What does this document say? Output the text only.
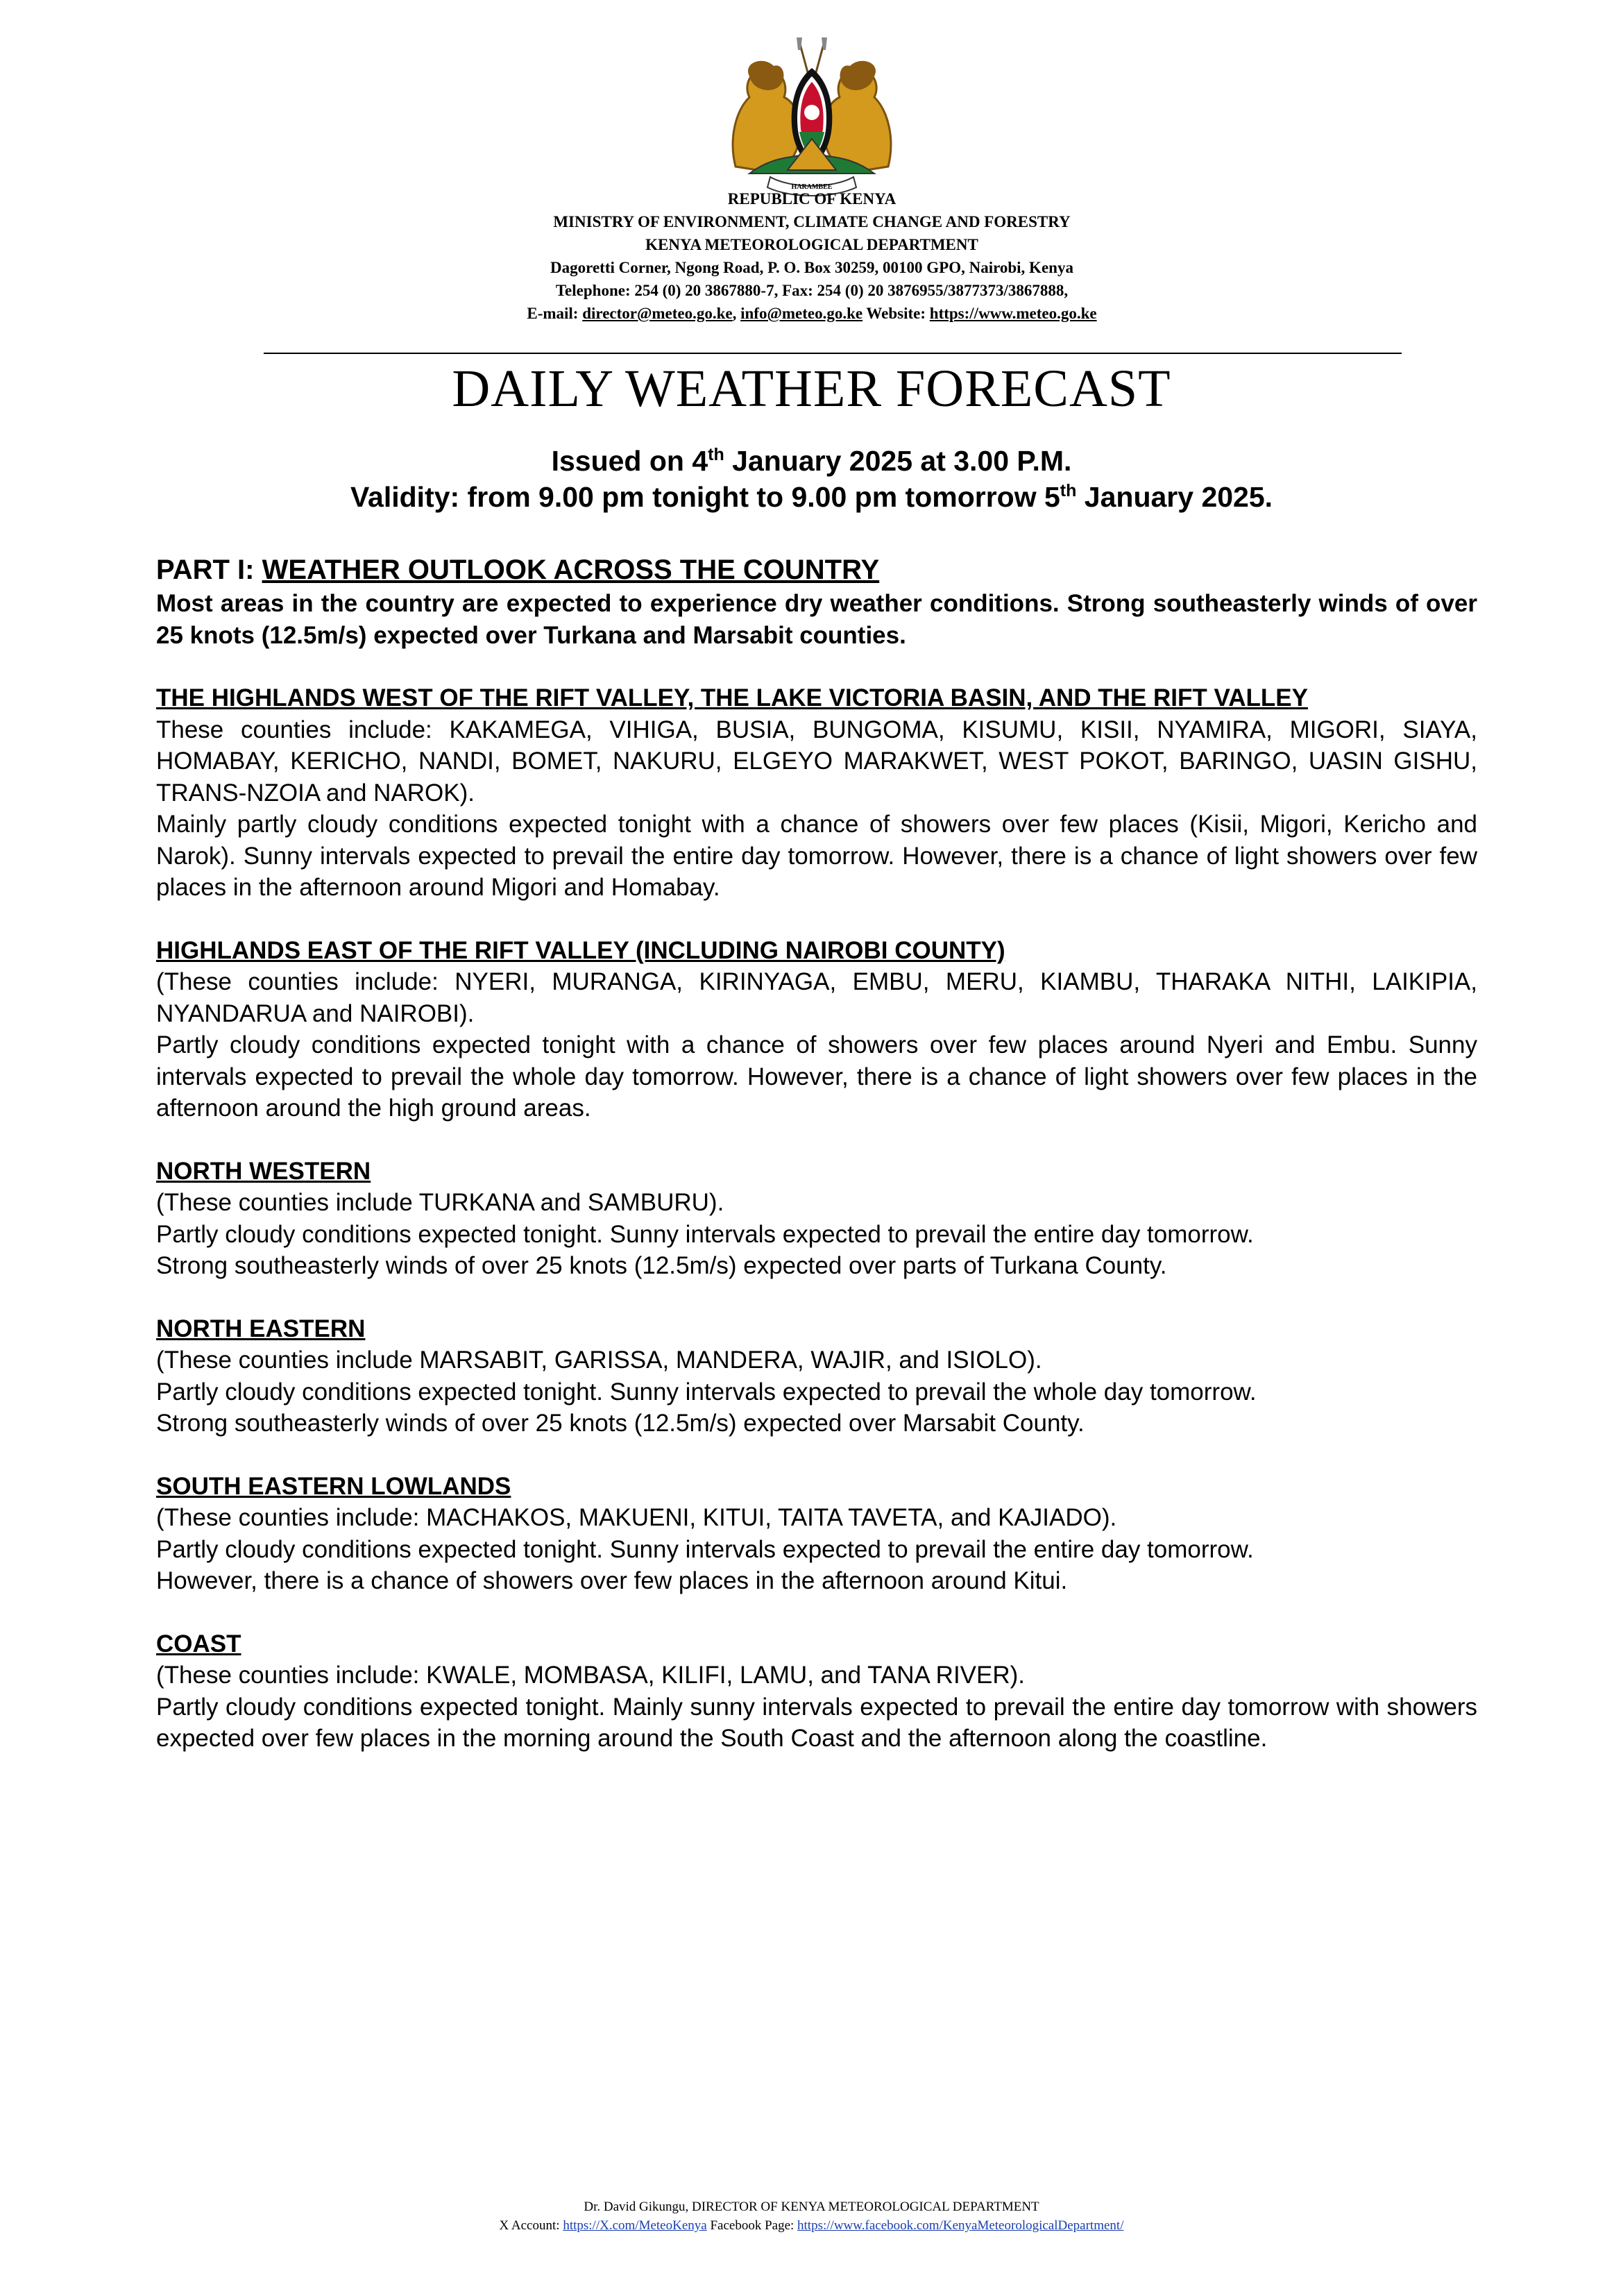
HARAMBEE
REPUBLIC OF KENYA
MINISTRY OF ENVIRONMENT, CLIMATE CHANGE AND FORESTRY
KENYA METEOROLOGICAL DEPARTMENT
Dagoretti Corner, Ngong Road, P. O. Box 30259, 00100 GPO, Nairobi, Kenya
Telephone: 254 (0) 20 3867880-7, Fax: 254 (0) 20 3876955/3877373/3867888,
E-mail: director@meteo.go.ke, info@meteo.go.ke Website: https://www.meteo.go.ke
DAILY WEATHER FORECAST
Issued on 4th January 2025 at 3.00 P.M.
Validity: from 9.00 pm tonight to 9.00 pm tomorrow 5th January 2025.

PART I: WEATHER OUTLOOK ACROSS THE COUNTRY

Most areas in the country are expected to experience dry weather conditions. Strong southeasterly winds of over 25 knots (12.5m/s) expected over Turkana and Marsabit counties.

THE HIGHLANDS WEST OF THE RIFT VALLEY, THE LAKE VICTORIA BASIN, AND THE RIFT VALLEY

These counties include: KAKAMEGA, VIHIGA, BUSIA, BUNGOMA, KISUMU, KISII, NYAMIRA, MIGORI, SIAYA, HOMABAY, KERICHO, NANDI, BOMET, NAKURU, ELGEYO MARAKWET, WEST POKOT, BARINGO, UASIN GISHU, TRANS-NZOIA and NAROK).

Mainly partly cloudy conditions expected tonight with a chance of showers over few places (Kisii, Migori, Kericho and Narok). Sunny intervals expected to prevail the entire day tomorrow. However, there is a chance of light showers over few places in the afternoon around Migori and Homabay.

HIGHLANDS EAST OF THE RIFT VALLEY (INCLUDING NAIROBI COUNTY)

(These counties include: NYERI, MURANGA, KIRINYAGA, EMBU, MERU, KIAMBU, THARAKA NITHI, LAIKIPIA, NYANDARUA and NAIROBI).

Partly cloudy conditions expected tonight with a chance of showers over few places around Nyeri and Embu. Sunny intervals expected to prevail the whole day tomorrow. However, there is a chance of light showers over few places in the afternoon around the high ground areas.

NORTH WESTERN

(These counties include TURKANA and SAMBURU).

Partly cloudy conditions expected tonight. Sunny intervals expected to prevail the entire day tomorrow.

Strong southeasterly winds of over 25 knots (12.5m/s) expected over parts of Turkana County.

NORTH EASTERN

(These counties include MARSABIT, GARISSA, MANDERA, WAJIR, and ISIOLO).

Partly cloudy conditions expected tonight. Sunny intervals expected to prevail the whole day tomorrow.

Strong southeasterly winds of over 25 knots (12.5m/s) expected over Marsabit County.

SOUTH EASTERN LOWLANDS

(These counties include: MACHAKOS, MAKUENI, KITUI, TAITA TAVETA, and KAJIADO).

Partly cloudy conditions expected tonight. Sunny intervals expected to prevail the entire day tomorrow.

However, there is a chance of showers over few places in the afternoon around Kitui.

COAST

(These counties include: KWALE, MOMBASA, KILIFI, LAMU, and TANA RIVER).

Partly cloudy conditions expected tonight. Mainly sunny intervals expected to prevail the entire day tomorrow with showers expected over few places in the morning around the South Coast and the afternoon along the coastline.

Dr. David Gikungu, DIRECTOR OF KENYA METEOROLOGICAL DEPARTMENT
X Account: https://X.com/MeteoKenya Facebook Page: https://www.facebook.com/KenyaMeteorologicalDepartment/
